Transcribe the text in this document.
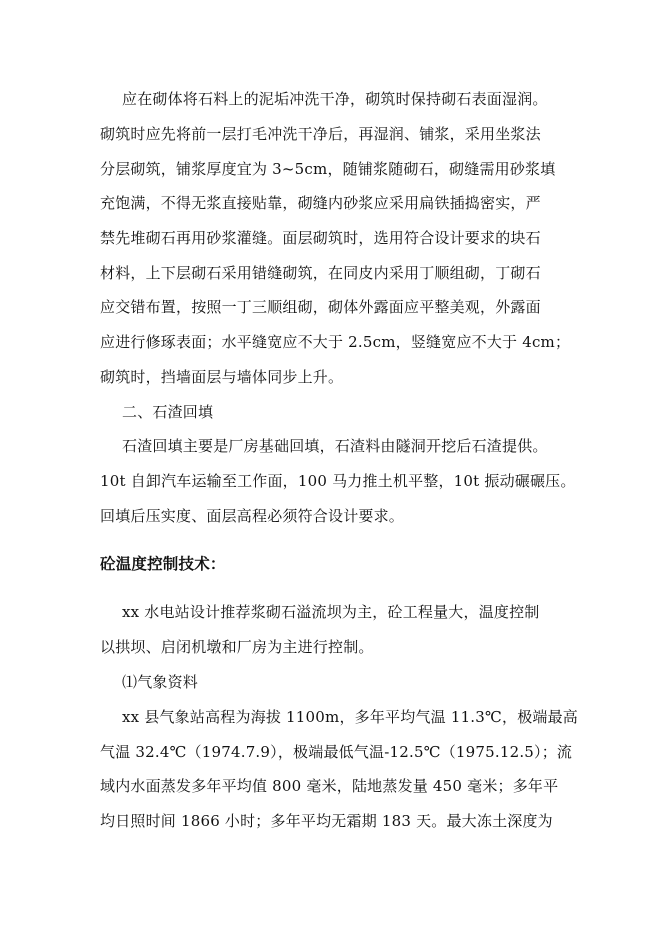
应在砌体将石料上的泥垢冲洗干净，砌筑时保持砌石表面湿润。

砌筑时应先将前一层打毛冲洗干净后，再湿润、铺浆，采用坐浆法

分层砌筑，铺浆厚度宜为 3~5cm，随铺浆随砌石，砌缝需用砂浆填

充饱满，不得无浆直接贴靠，砌缝内砂浆应采用扁铁插捣密实，严

禁先堆砌石再用砂浆灌缝。面层砌筑时，选用符合设计要求的块石

材料，上下层砌石采用错缝砌筑，在同皮内采用丁顺组砌，丁砌石

应交错布置，按照一丁三顺组砌，砌体外露面应平整美观，外露面

应进行修琢表面；水平缝宽应不大于 2.5cm，竖缝宽应不大于 4cm；

砌筑时，挡墙面层与墙体同步上升。

二、石渣回填

石渣回填主要是厂房基础回填，石渣料由隧洞开挖后石渣提供。

10t 自卸汽车运输至工作面，100 马力推土机平整，10t 振动碾碾压。

回填后压实度、面层高程必须符合设计要求。

砼温度控制技术：

xx 水电站设计推荐浆砌石溢流坝为主，砼工程量大，温度控制

以拱坝、启闭机墩和厂房为主进行控制。

⑴气象资料

xx 县气象站高程为海拔 1100m，多年平均气温 11.3℃，极端最高

气温 32.4℃（1974.7.9），极端最低气温-12.5℃（1975.12.5）；流

域内水面蒸发多年平均值 800 毫米，陆地蒸发量 450 毫米；多年平

均日照时间 1866 小时；多年平均无霜期 183 天。最大冻土深度为
